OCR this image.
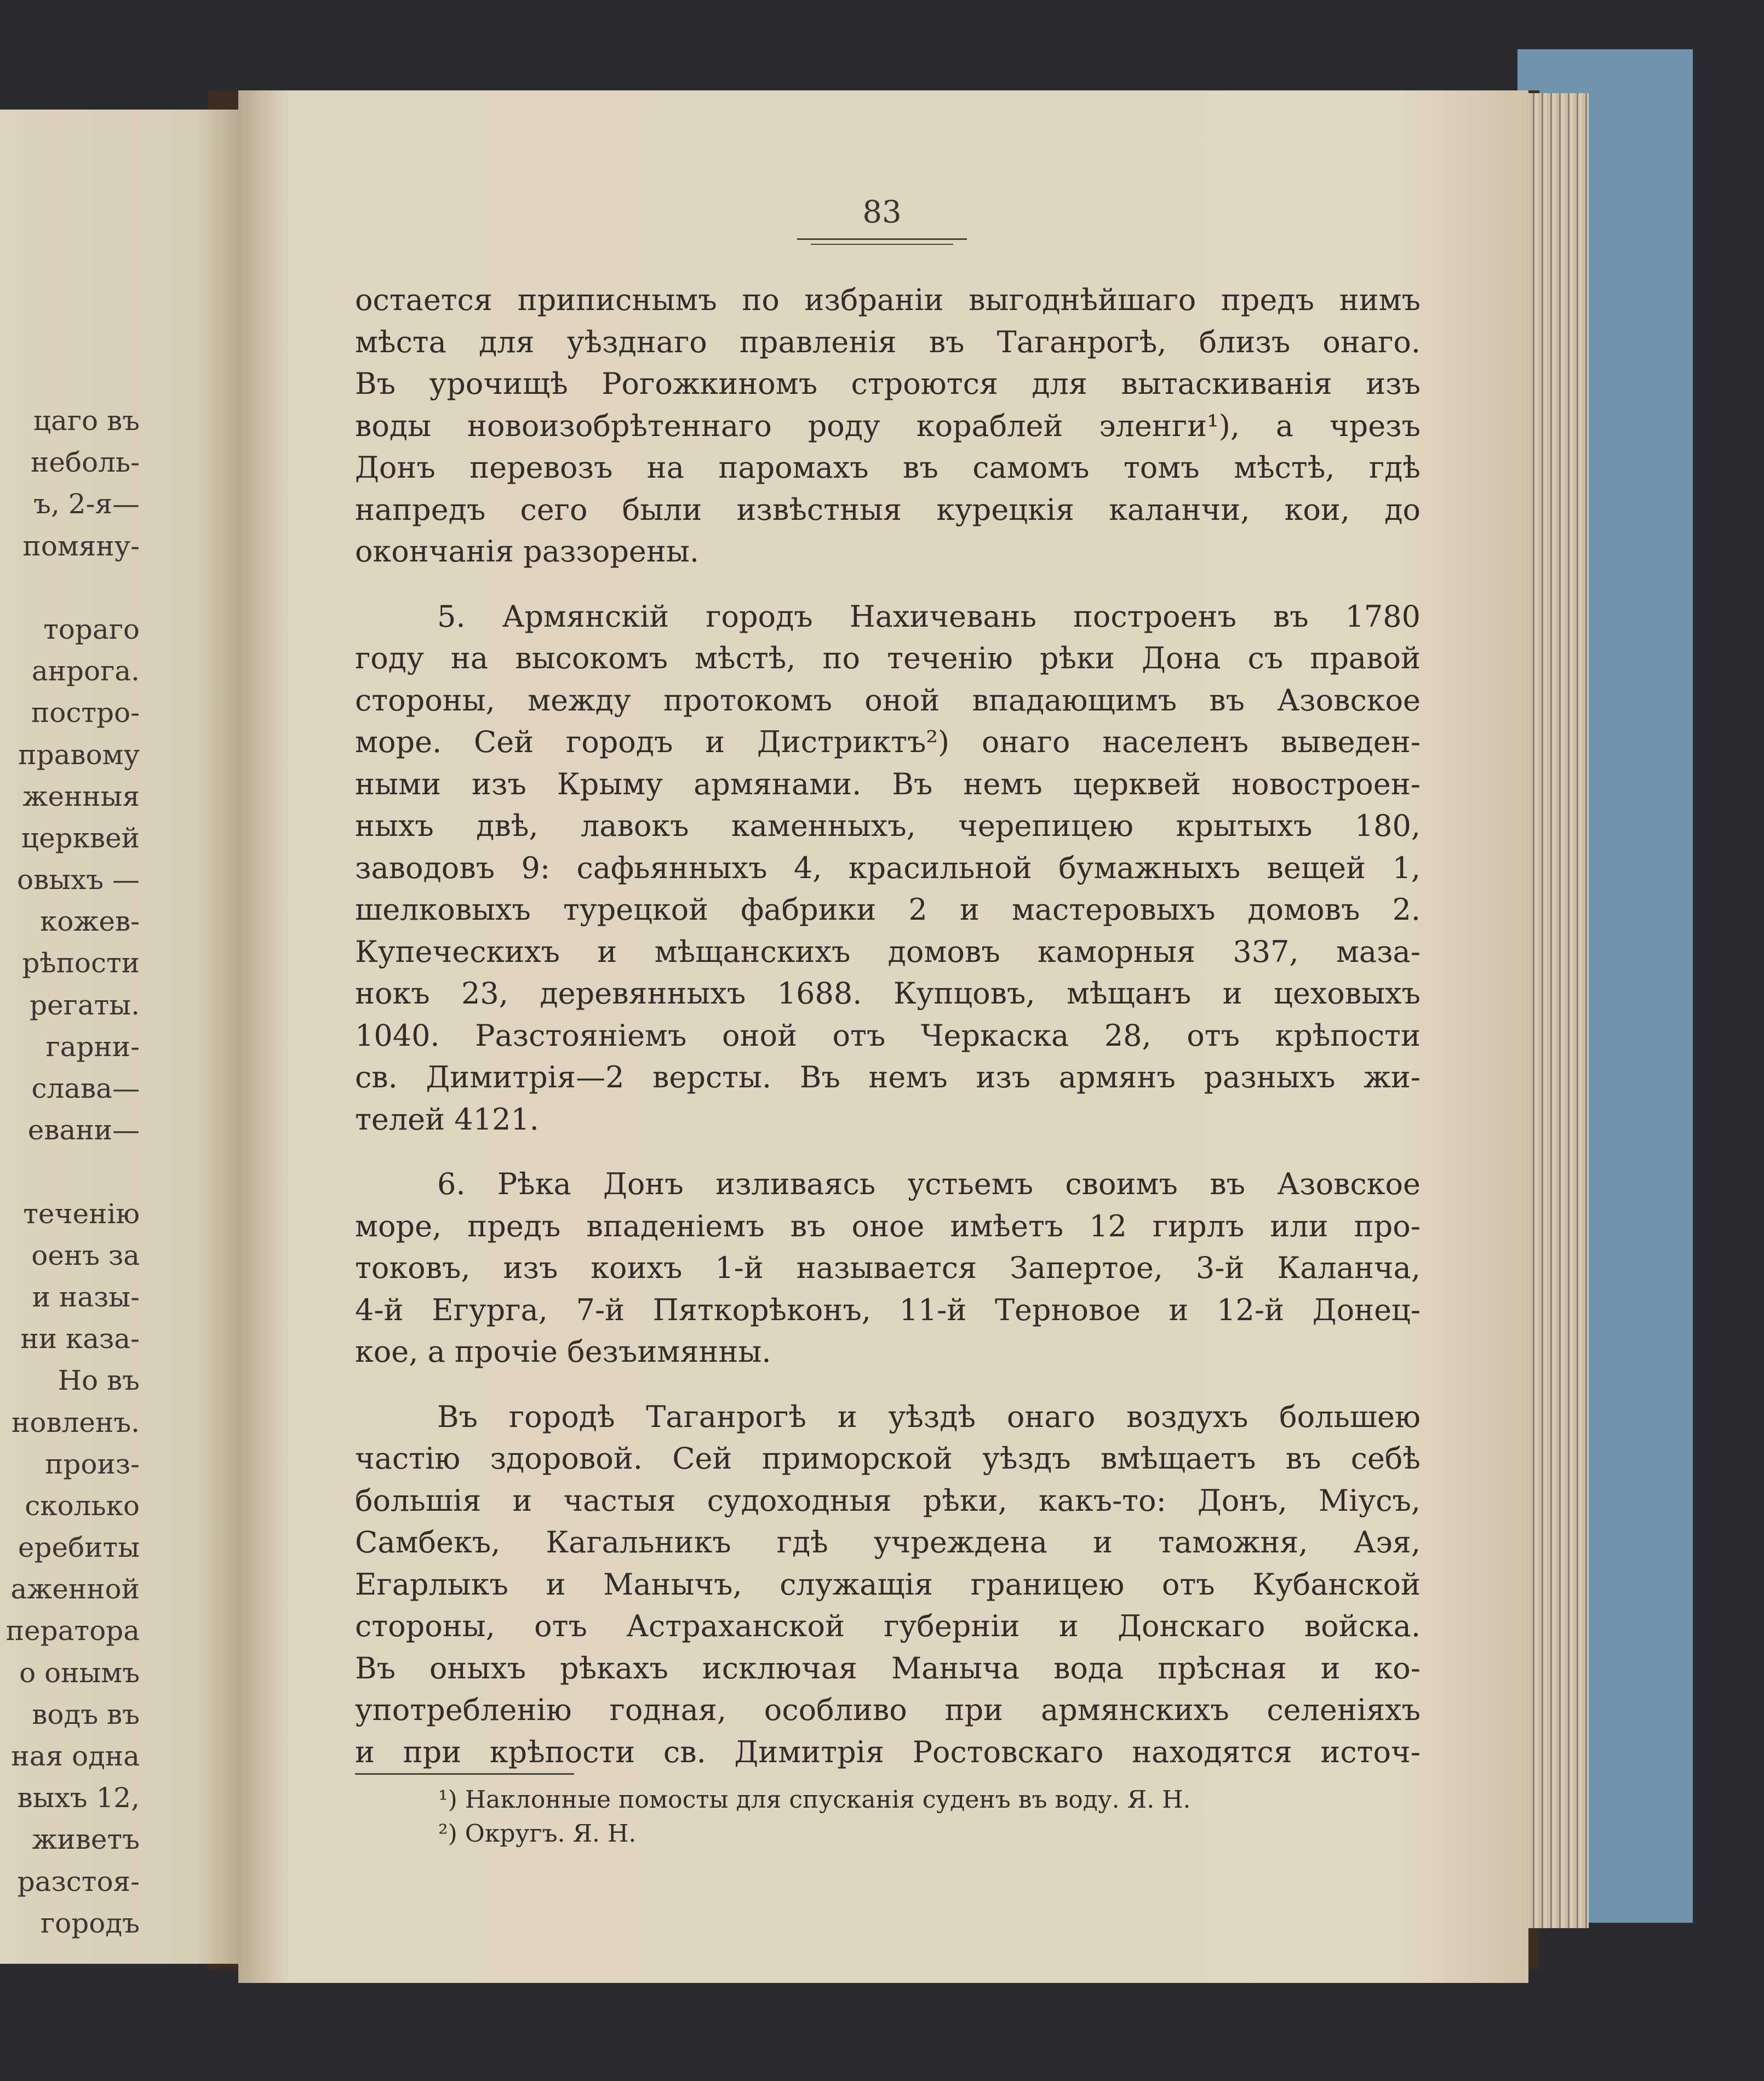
цаго въ
неболь-
ъ, 2-я—
помяну-
тораго
анрога.
постро-
правому
женныя
церквей
овыхъ —
кожев-
рѣпости
регаты.
гарни-
слава—
евани—
теченiю
оенъ за
и назы-
ни каза-
Но въ
новленъ.
произ-
сколько
еребиты
аженной
ператора
о онымъ
водъ въ
ная одна
выхъ 12,
живетъ
разстоя-
городъ
83
остается приписнымъ по избранiи выгоднѣйшаго предъ нимъ
мѣста для уѣзднаго правленiя въ Таганрогѣ, близъ онаго.
Въ урочищѣ Рогожкиномъ строются для вытаскиванiя изъ
воды новоизобрѣтеннаго роду кораблей эленги¹), а чрезъ
Донъ перевозъ на паромахъ въ самомъ томъ мѣстѣ, гдѣ
напредъ сего были извѣстныя курецкiя каланчи, кои, до
окончанiя раззорены.
5. Армянскiй городъ Нахичевань построенъ въ 1780
году на высокомъ мѣстѣ, по теченiю рѣки Дона съ правой
стороны, между протокомъ оной впадающимъ въ Азовское
море. Сей городъ и Дистриктъ²) онаго населенъ выведен-
ными изъ Крыму армянами. Въ немъ церквей новостроен-
ныхъ двѣ, лавокъ каменныхъ, черепицею крытыхъ 180,
заводовъ 9: сафьянныхъ 4, красильной бумажныхъ вещей 1,
шелковыхъ турецкой фабрики 2 и мастеровыхъ домовъ 2.
Купеческихъ и мѣщанскихъ домовъ каморныя 337, маза-
нокъ 23, деревянныхъ 1688. Купцовъ, мѣщанъ и цеховыхъ
1040. Разстоянiемъ оной отъ Черкаска 28, отъ крѣпости
св. Димитрiя—2 версты. Въ немъ изъ армянъ разныхъ жи-
телей 4121.
6. Рѣка Донъ изливаясь устьемъ своимъ въ Азовское
море, предъ впаденiемъ въ оное имѣетъ 12 гирлъ или про-
токовъ, изъ коихъ 1-й называется Запертое, 3-й Каланча,
4-й Егурга, 7-й Пяткорѣконъ, 11-й Терновое и 12-й Донец-
кое, а прочiе безъимянны.
Въ городѣ Таганрогѣ и уѣздѣ онаго воздухъ большею
частiю здоровой. Сей приморской уѣздъ вмѣщаетъ въ себѣ
большiя и частыя судоходныя рѣки, какъ-то: Донъ, Мiусъ,
Самбекъ, Кагальникъ гдѣ учреждена и таможня, Аэя,
Егарлыкъ и Манычъ, служащiя границею отъ Кубанской
стороны, отъ Астраханской губернiи и Донскаго войска.
Въ оныхъ рѣкахъ исключая Маныча вода прѣсная и ко-
употребленiю годная, особливо при армянскихъ селенiяхъ
и при крѣпости св. Димитрiя Ростовскаго находятся источ-
¹) Наклонные помосты для спусканiя суденъ въ воду. Я. Н.
²) Округъ. Я. Н.
